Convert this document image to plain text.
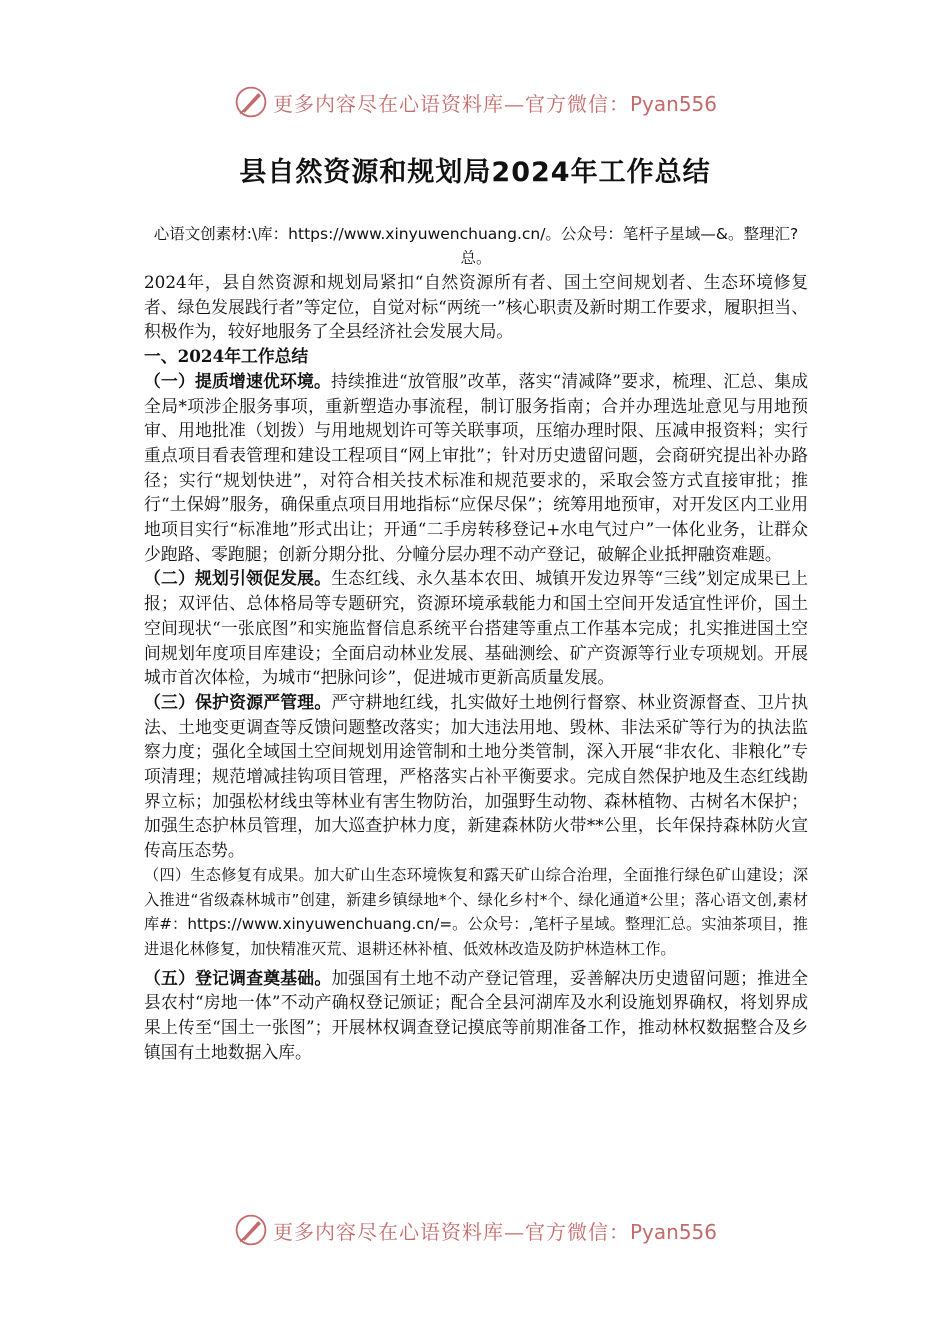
更多内容尽在心语资料库—官方微信：Pyan556
县自然资源和规划局2024年工作总结

心语文创素材:\库：https://www.xinyuwenchuang.cn/。公众号：笔杆子星域—&。整理汇?总。

2024年，县自然资源和规划局紧扣“自然资源所有者、国土空间规划者、生态环境修复者、绿色发展践行者”等定位，自觉对标“两统一”核心职责及新时期工作要求，履职担当、积极作为，较好地服务了全县经济社会发展大局。

一、2024年工作总结

（一）提质增速优环境。持续推进“放管服”改革，落实“清减降”要求，梳理、汇总、集成全局*项涉企服务事项，重新塑造办事流程，制订服务指南；合并办理选址意见与用地预审、用地批准（划拨）与用地规划许可等关联事项，压缩办理时限、压减申报资料；实行重点项目看表管理和建设工程项目“网上审批”；针对历史遗留问题，会商研究提出补办路径；实行“规划快进”，对符合相关技术标准和规范要求的，采取会签方式直接审批；推行“土保姆”服务，确保重点项目用地指标“应保尽保”；统筹用地预审，对开发区内工业用地项目实行“标准地”形式出让；开通“二手房转移登记+水电气过户”一体化业务，让群众少跑路、零跑腿；创新分期分批、分幢分层办理不动产登记，破解企业抵押融资难题。

（二）规划引领促发展。生态红线、永久基本农田、城镇开发边界等“三线”划定成果已上报；双评估、总体格局等专题研究，资源环境承载能力和国土空间开发适宜性评价，国土空间现状“一张底图”和实施监督信息系统平台搭建等重点工作基本完成；扎实推进国土空间规划年度项目库建设；全面启动林业发展、基础测绘、矿产资源等行业专项规划。开展城市首次体检，为城市“把脉问诊”，促进城市更新高质量发展。

（三）保护资源严管理。严守耕地红线，扎实做好土地例行督察、林业资源督查、卫片执法、土地变更调查等反馈问题整改落实；加大违法用地、毁林、非法采矿等行为的执法监察力度；强化全域国土空间规划用途管制和土地分类管制，深入开展“非农化、非粮化”专项清理；规范增减挂钩项目管理，严格落实占补平衡要求。完成自然保护地及生态红线勘界立标；加强松材线虫等林业有害生物防治，加强野生动物、森林植物、古树名木保护；加强生态护林员管理，加大巡查护林力度，新建森林防火带**公里，长年保持森林防火宣传高压态势。

（四）生态修复有成果。加大矿山生态环境恢复和露天矿山综合治理，全面推行绿色矿山建设；深入推进“省级森林城市”创建，新建乡镇绿地*个、绿化乡村*个、绿化通道*公里；落心语文创,素材库#：https://www.xinyuwenchuang.cn/=。公众号：,笔杆子星域。整理汇总。实油茶项目，推进退化林修复，加快精准灭荒、退耕还林补植、低效林改造及防护林造林工作。

（五）登记调查奠基础。加强国有土地不动产登记管理，妥善解决历史遗留问题；推进全县农村“房地一体”不动产确权登记颁证；配合全县河湖库及水利设施划界确权，将划界成果上传至“国土一张图”；开展林权调查登记摸底等前期准备工作，推动林权数据整合及乡镇国有土地数据入库。

更多内容尽在心语资料库—官方微信：Pyan556
